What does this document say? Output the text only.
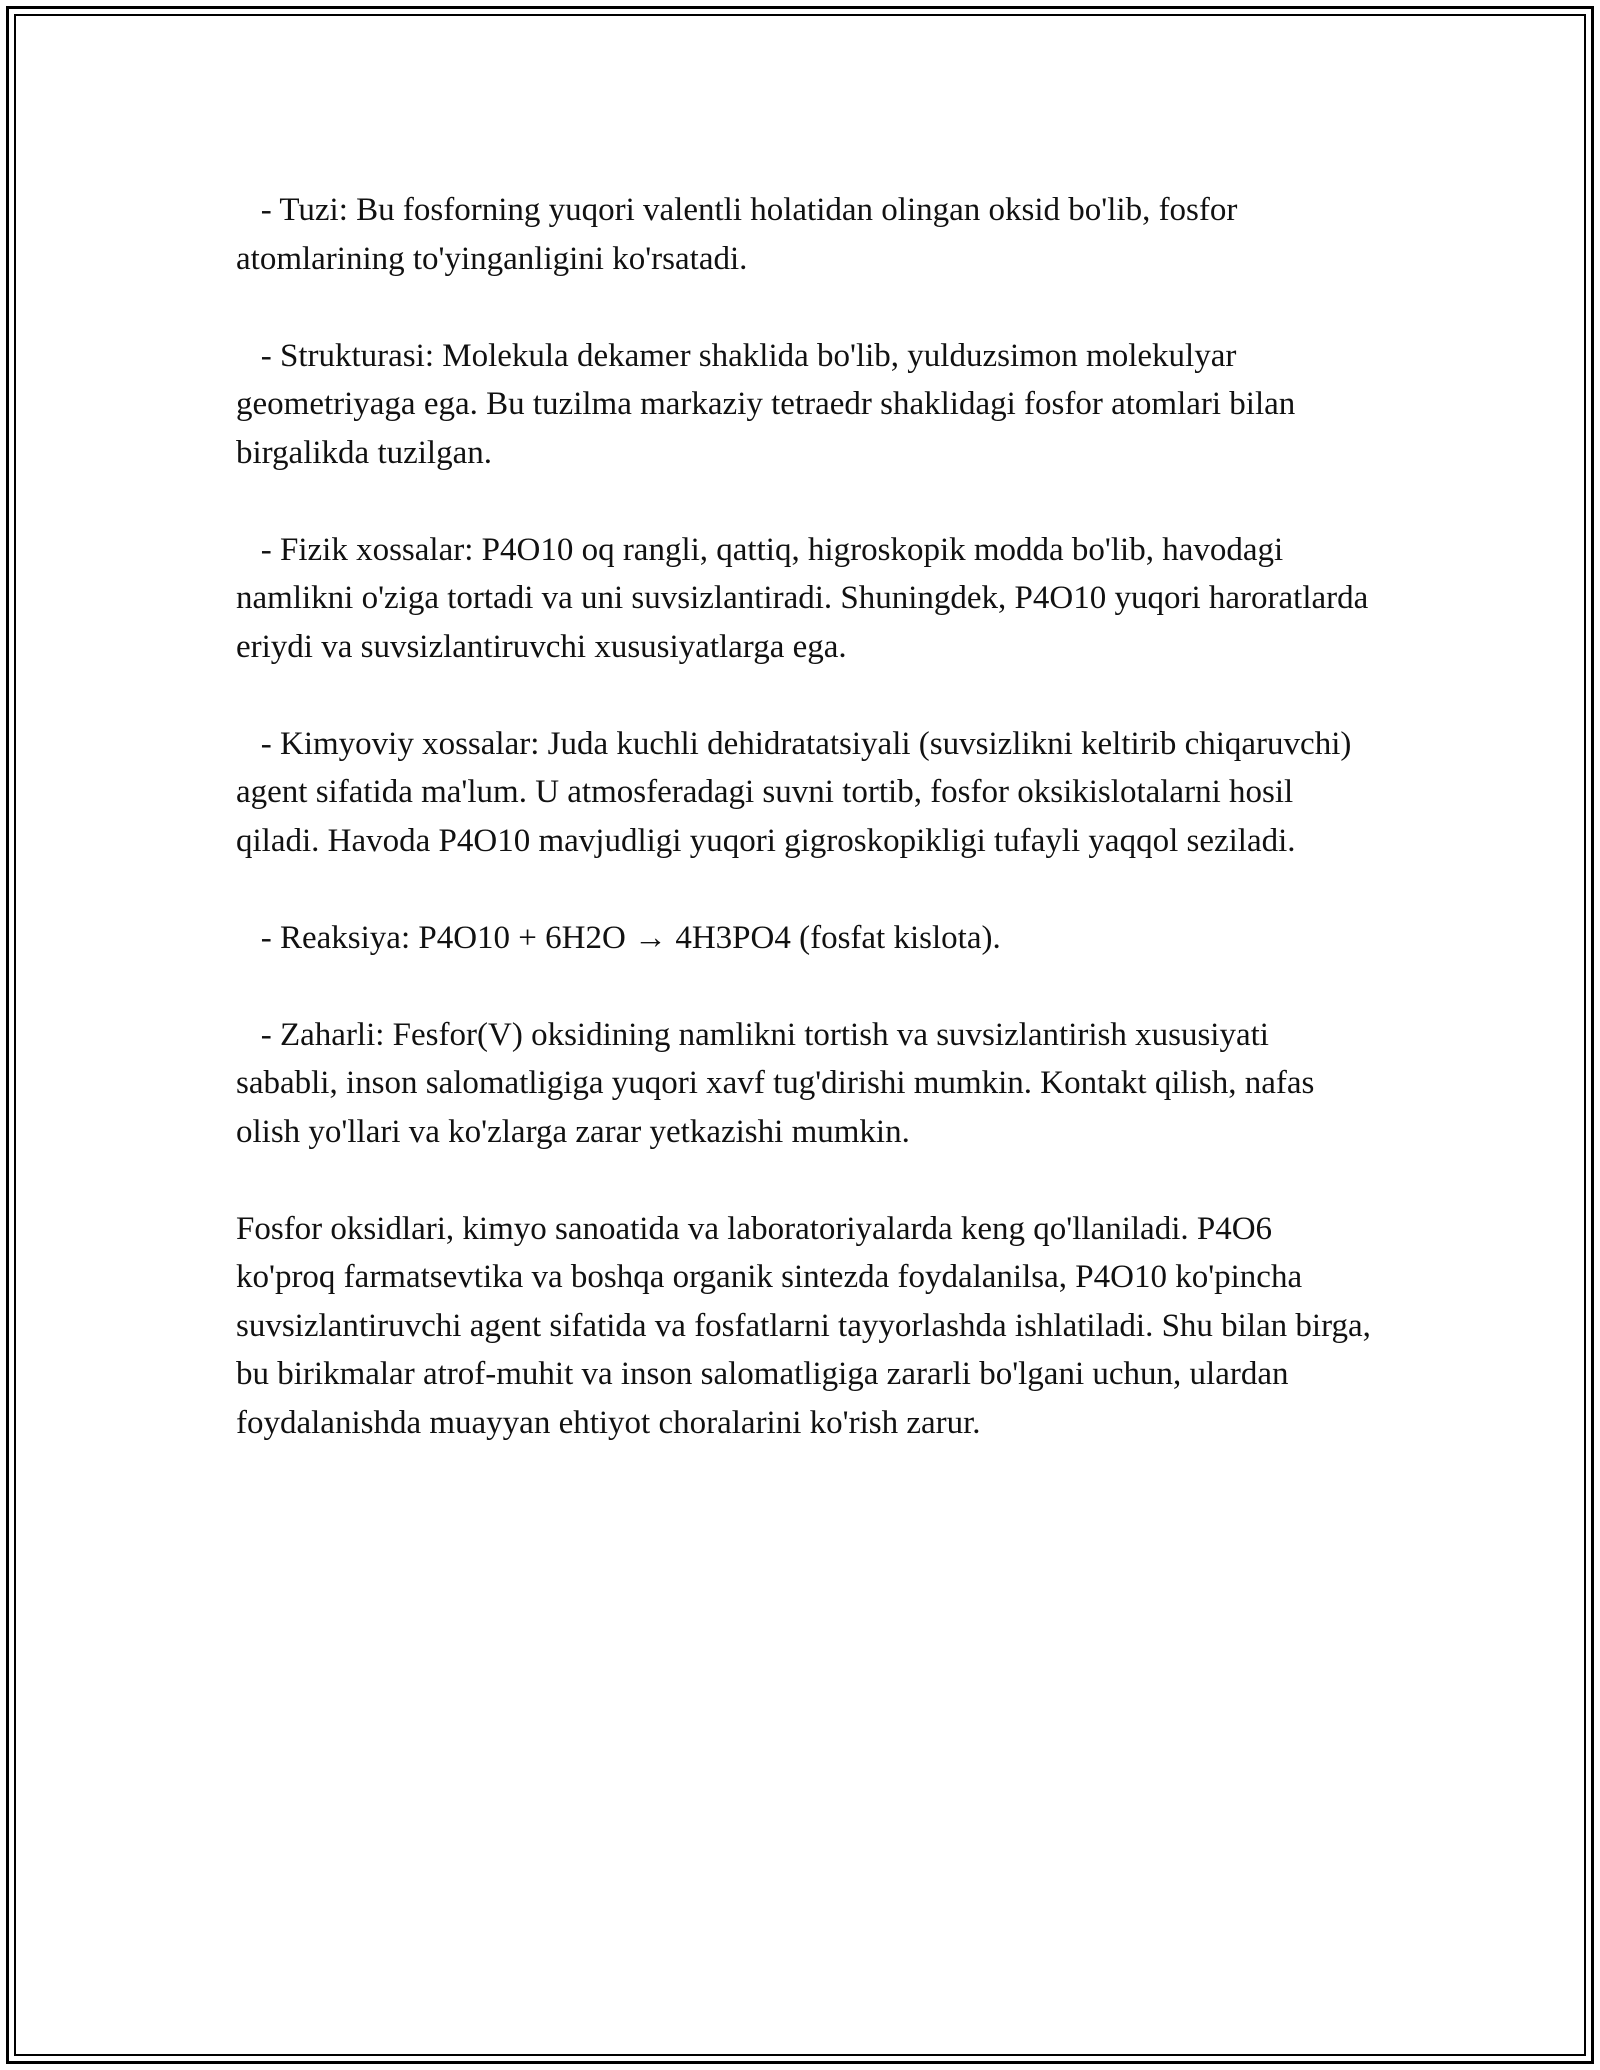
- Tuzi: Bu fosforning yuqori valentli holatidan olingan oksid bo'lib, fosfor atomlarining to'yinganligini ko'rsatadi.

- Strukturasi: Molekula dekamer shaklida bo'lib, yulduzsimon molekulyar geometriyaga ega. Bu tuzilma markaziy tetraedr shaklidagi fosfor atomlari bilan birgalikda tuzilgan.

- Fizik xossalar: P4O10 oq rangli, qattiq, higroskopik modda bo'lib, havodagi namlikni o'ziga tortadi va uni suvsizlantiradi. Shuningdek, P4O10 yuqori haroratlarda eriydi va suvsizlantiruvchi xususiyatlarga ega.

- Kimyoviy xossalar: Juda kuchli dehidratatsiyali (suvsizlikni keltirib chiqaruvchi) agent sifatida ma'lum. U atmosferadagi suvni tortib, fosfor oksikislotalarni hosil qiladi. Havoda P4O10 mavjudligi yuqori gigroskopikligi tufayli yaqqol seziladi.

- Reaksiya: P4O10 + 6H2O → 4H3PO4 (fosfat kislota).

- Zaharli: Fesfor(V) oksidining namlikni tortish va suvsizlantirish xususiyati sababli, inson salomatligiga yuqori xavf tug'dirishi mumkin. Kontakt qilish, nafas olish yo'llari va ko'zlarga zarar yetkazishi mumkin.

Fosfor oksidlari, kimyo sanoatida va laboratoriyalarda keng qo'llaniladi. P4O6 ko'proq farmatsevtika va boshqa organik sintezda foydalanilsa, P4O10 ko'pincha suvsizlantiruvchi agent sifatida va fosfatlarni tayyorlashda ishlatiladi. Shu bilan birga, bu birikmalar atrof-muhit va inson salomatligiga zararli bo'lgani uchun, ulardan foydalanishda muayyan ehtiyot choralarini ko'rish zarur.
